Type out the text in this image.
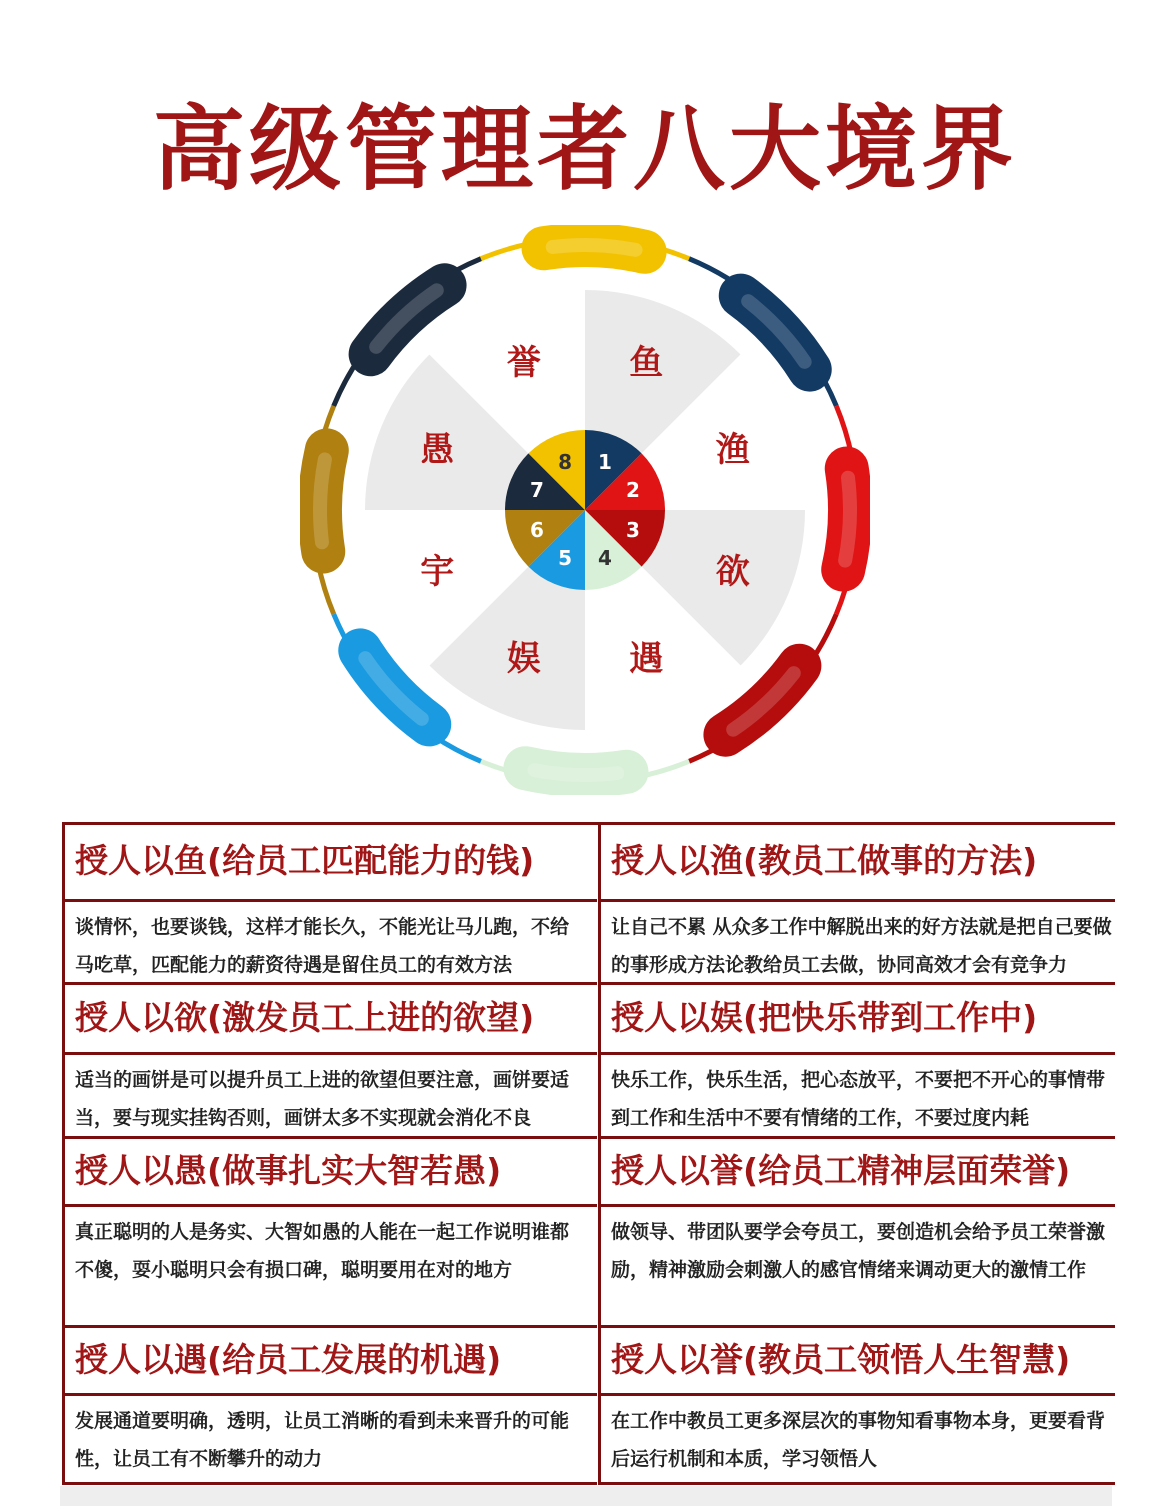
高级管理者八大境界
鱼
渔
欲
遇
娱
宇
愚
誉
1
2
3
4
5
6
7
8
授人以鱼(给员工匹配能力的钱)
谈情怀，也要谈钱，这样才能长久，不能光让马儿跑，不给马吃草，匹配能力的薪资待遇是留住员工的有效方法
授人以欲(激发员工上进的欲望)
适当的画饼是可以提升员工上进的欲望但要注意，画饼要适当，要与现实挂钩否则，画饼太多不实现就会消化不良
授人以愚(做事扎实大智若愚)
真正聪明的人是务实、大智如愚的人能在一起工作说明谁都不傻，耍小聪明只会有损口碑，聪明要用在对的地方
授人以遇(给员工发展的机遇)
发展通道要明确，透明，让员工消晰的看到未来晋升的可能性，让员工有不断攀升的动力
授人以渔(教员工做事的方法)
让自己不累 从众多工作中解脱出来的好方法就是把自己要做的事形成方法论教给员工去做，协同高效才会有竞争力
授人以娱(把快乐带到工作中)
快乐工作，快乐生活，把心态放平，不要把不开心的事情带到工作和生活中不要有情绪的工作，不要过度内耗
授人以誉(给员工精神层面荣誉)
做领导、带团队要学会夸员工，要创造机会给予员工荣誉激励，精神激励会刺激人的感官情绪来调动更大的激情工作
授人以誉(教员工领悟人生智慧)
在工作中教员工更多深层次的事物知看事物本身，更要看背后运行机制和本质，学习领悟人
